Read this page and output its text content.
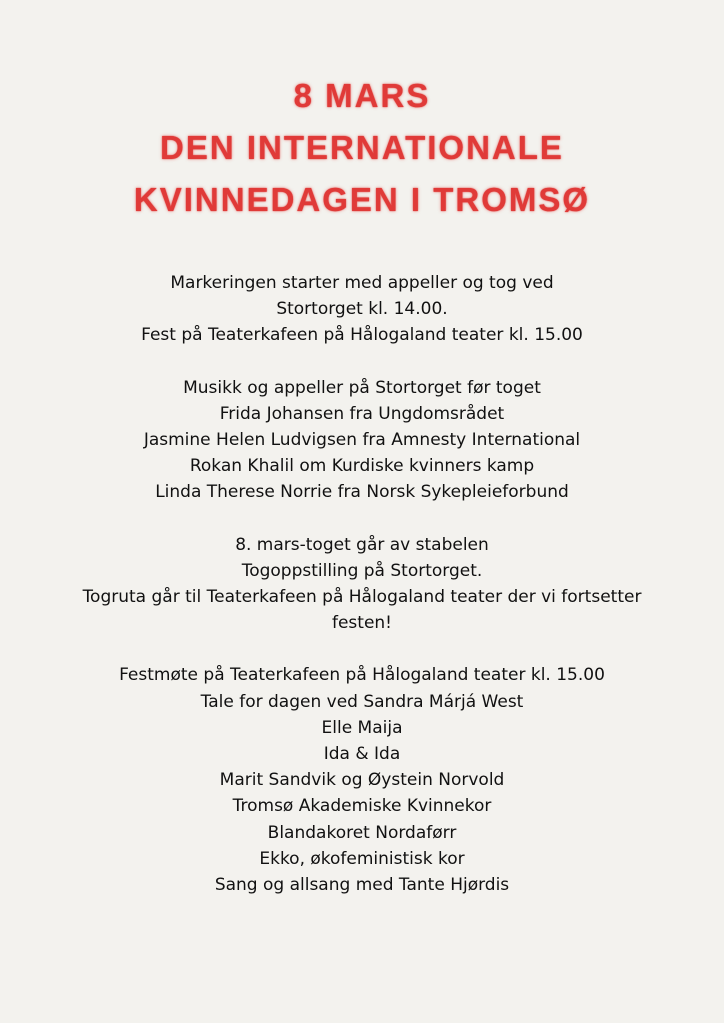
8 MARS
DEN INTERNATIONALE
KVINNEDAGEN I TROMSØ
Markeringen starter med appeller og tog ved
Stortorget kl. 14.00.
Fest på Teaterkafeen på Hålogaland teater kl. 15.00
Musikk og appeller på Stortorget før toget
Frida Johansen fra Ungdomsrådet
Jasmine Helen Ludvigsen fra Amnesty International
Rokan Khalil om Kurdiske kvinners kamp
Linda Therese Norrie fra Norsk Sykepleieforbund
8. mars-toget går av stabelen
Togoppstilling på Stortorget.
Togruta går til Teaterkafeen på Hålogaland teater der vi fortsetter festen!
Festmøte på Teaterkafeen på Hålogaland teater kl. 15.00
Tale for dagen ved Sandra Márjá West
Elle Maija
Ida & Ida
Marit Sandvik og Øystein Norvold
Tromsø Akademiske Kvinnekor
Blandakoret Nordaførr
Ekko, økofeministisk kor
Sang og allsang med Tante Hjørdis
